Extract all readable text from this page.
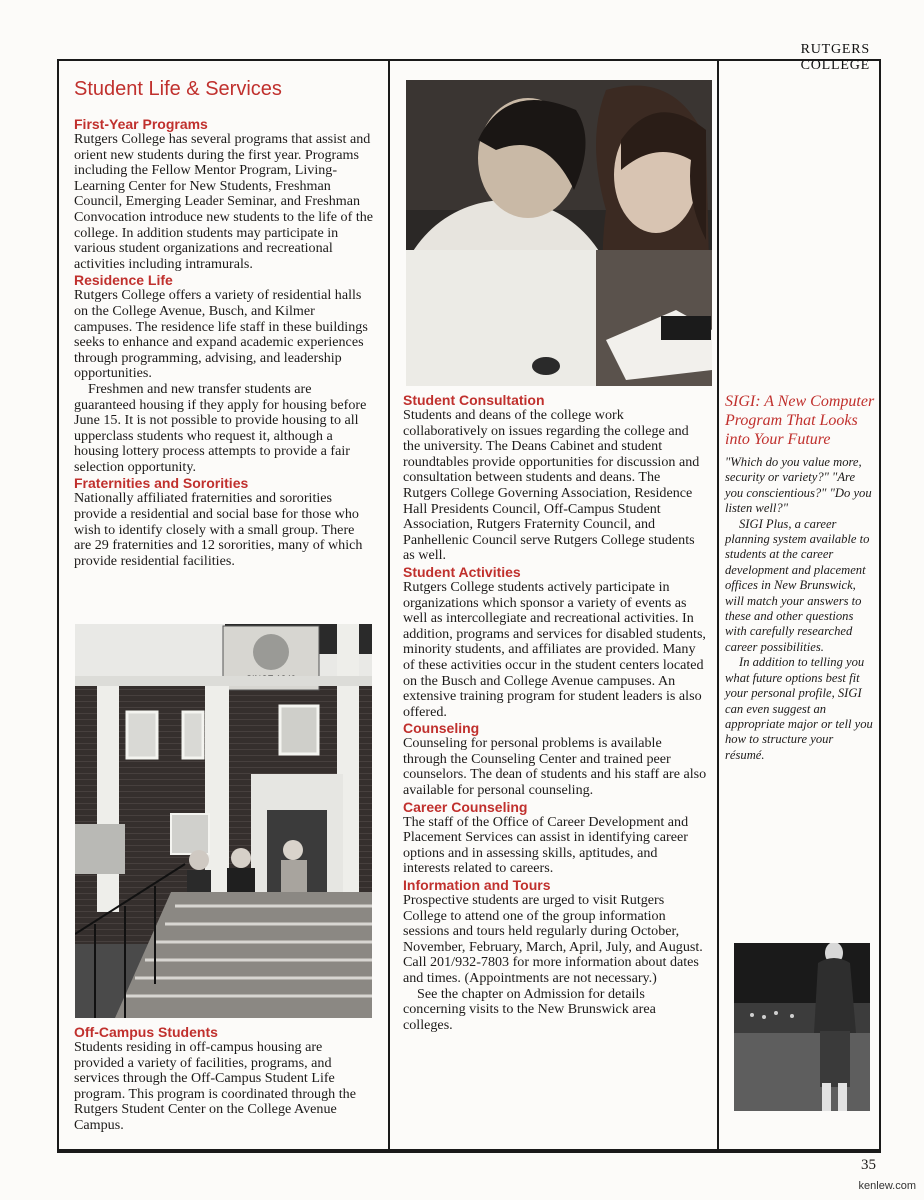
RUTGERS COLLEGE
Student Life & Services
First-Year Programs

Rutgers College has several programs that assist and orient new students during the first year. Programs including the Fellow Mentor Program, Living-Learning Center for New Students, Freshman Council, Emerging Leader Seminar, and Freshman Convocation introduce new students to the life of the college. In addition students may participate in various student organizations and recreational activities including intramurals.

Residence Life

Rutgers College offers a variety of residential halls on the College Avenue, Busch, and Kilmer campuses. The residence life staff in these buildings seeks to enhance and expand academic experiences through programming, advising, and leadership opportunities.

Freshmen and new transfer students are guaranteed housing if they apply for housing before June 15. It is not possible to provide housing to all upperclass students who request it, although a housing lottery process attempts to provide a fair selection opportunity.

Fraternities and Sororities

Nationally affiliated fraternities and sororities provide a residential and social base for those who wish to identify closely with a small group. There are 29 fraternities and 12 sororities, many of which provide residential facilities.

Off-Campus Students

Students residing in off-campus housing are provided a variety of facilities, programs, and services through the Off-Campus Student Life program. This program is coordinated through the Rutgers Student Center on the College Avenue Campus.

Student Consultation

Students and deans of the college work collaboratively on issues regarding the college and the university. The Deans Cabinet and student roundtables provide opportunities for discussion and consultation between students and deans. The Rutgers College Governing Association, Residence Hall Presidents Council, Off-Campus Student Association, Rutgers Fraternity Council, and Panhellenic Council serve Rutgers College students as well.

Student Activities

Rutgers College students actively participate in organizations which sponsor a variety of events as well as intercollegiate and recreational activities. In addition, programs and services for disabled students, minority students, and affiliates are provided. Many of these activities occur in the student centers located on the Busch and College Avenue campuses. An extensive training program for student leaders is also offered.

Counseling

Counseling for personal problems is available through the Counseling Center and trained peer counselors. The dean of students and his staff are also available for personal counseling.

Career Counseling

The staff of the Office of Career Development and Placement Services can assist in identifying career options and in assessing skills, aptitudes, and interests related to careers.

Information and Tours

Prospective students are urged to visit Rutgers College to attend one of the group information sessions and tours held regularly during October, November, February, March, April, July, and August. Call 201/932-7803 for more information about dates and times. (Appointments are not necessary.)

See the chapter on Admission for details concerning visits to the New Brunswick area colleges.

SIGI: A New Computer Program That Looks into Your Future

"Which do you value more, security or variety?" "Are you conscientious?" "Do you listen well?"

SIGI Plus, a career planning system available to students at the career development and placement offices in New Brunswick, will match your answers to these and other questions with carefully researched career possibilities.

In addition to telling you what future options best fit your personal profile, SIGI can even suggest an appropriate major or tell you how to structure your résumé.

35
kenlew.com
